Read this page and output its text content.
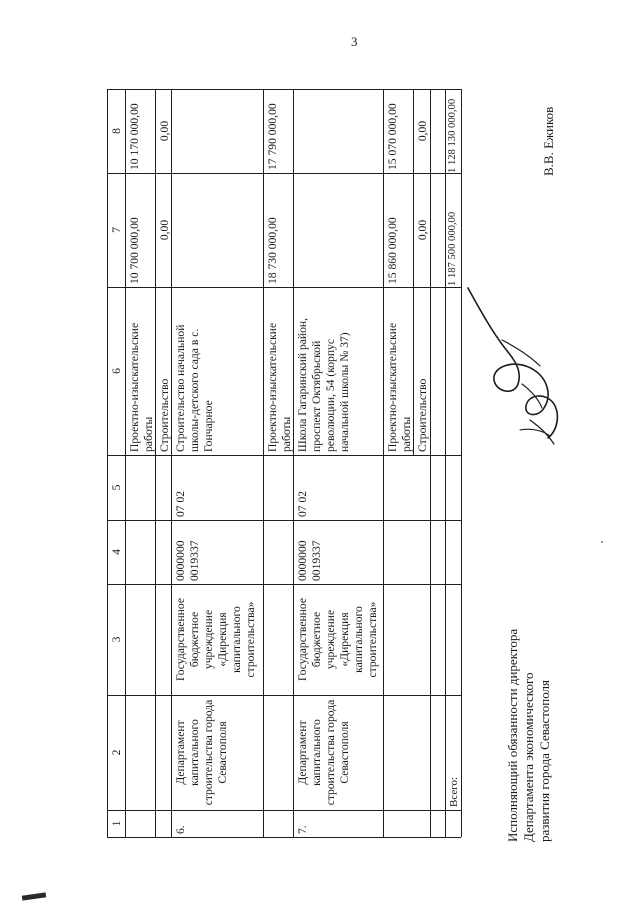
3
8
7
6
5
4
3
2
1
Проектно-изыскательские работы
10 700 000,00
10 170 000,00
Строительство
0,00
0,00
6.
Департамент капитального строительства города Севастополя
Государственное бюджетное учреждение «Дирекция капитального строительства»
0000000 0019337
07 02
Строительство начальной школы-детского сада в с. Гончарное	Проектно-изыскательские работы
18 730 000,00
17 790 000,00
7.
Департамент капитального строительства города Севастополя
Государственное бюджетное учреждение «Дирекция капитального строительства»
0000000 0019337
07 02
Школа Гагаринский район, проспект Октябрьской революции, 54 (корпус начальной школы № 37)	Проектно-изыскательские работы
15 860 000,00
15 070 000,00
Строительство
0,00
0,00
Всего:
1 187 500 000,00
1 128 130 000,00
Исполняющий обязанности директора Департамента экономического развития города Севастополя
В.В. Ежиков
